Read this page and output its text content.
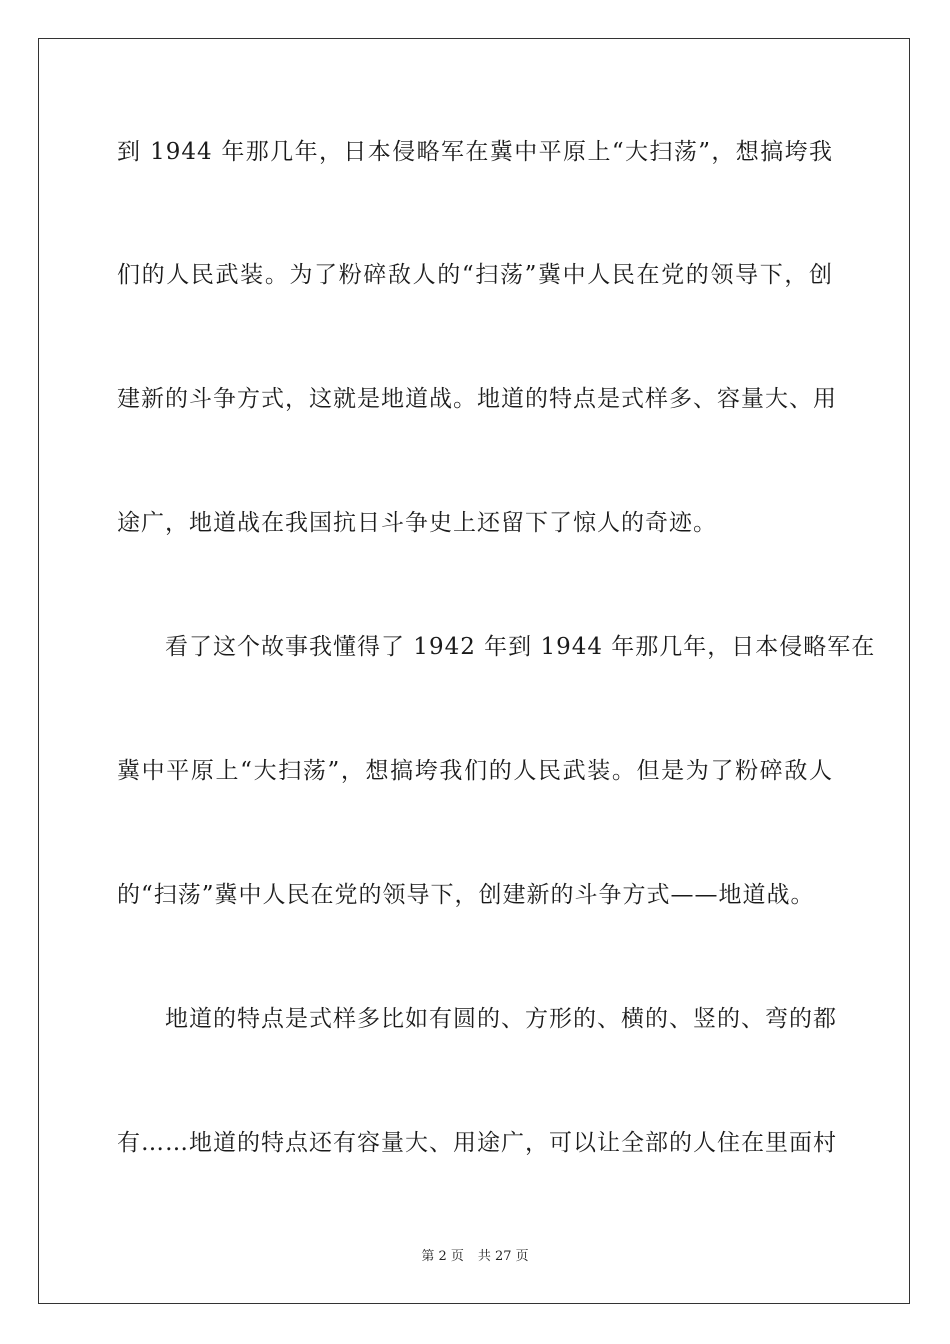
到 1944 年那几年，日本侵略军在冀中平原上“大扫荡”，想搞垮我
们的人民武装。为了粉碎敌人的“扫荡”冀中人民在党的领导下，创
建新的斗争方式，这就是地道战。地道的特点是式样多、容量大、用
途广，地道战在我国抗日斗争史上还留下了惊人的奇迹。
看了这个故事我懂得了 1942 年到 1944 年那几年，日本侵略军在
冀中平原上“大扫荡”，想搞垮我们的人民武装。但是为了粉碎敌人
的“扫荡”冀中人民在党的领导下，创建新的斗争方式——地道战。
地道的特点是式样多比如有圆的、方形的、横的、竖的、弯的都
有……地道的特点还有容量大、用途广，可以让全部的人住在里面村
第 2 页 共 27 页
